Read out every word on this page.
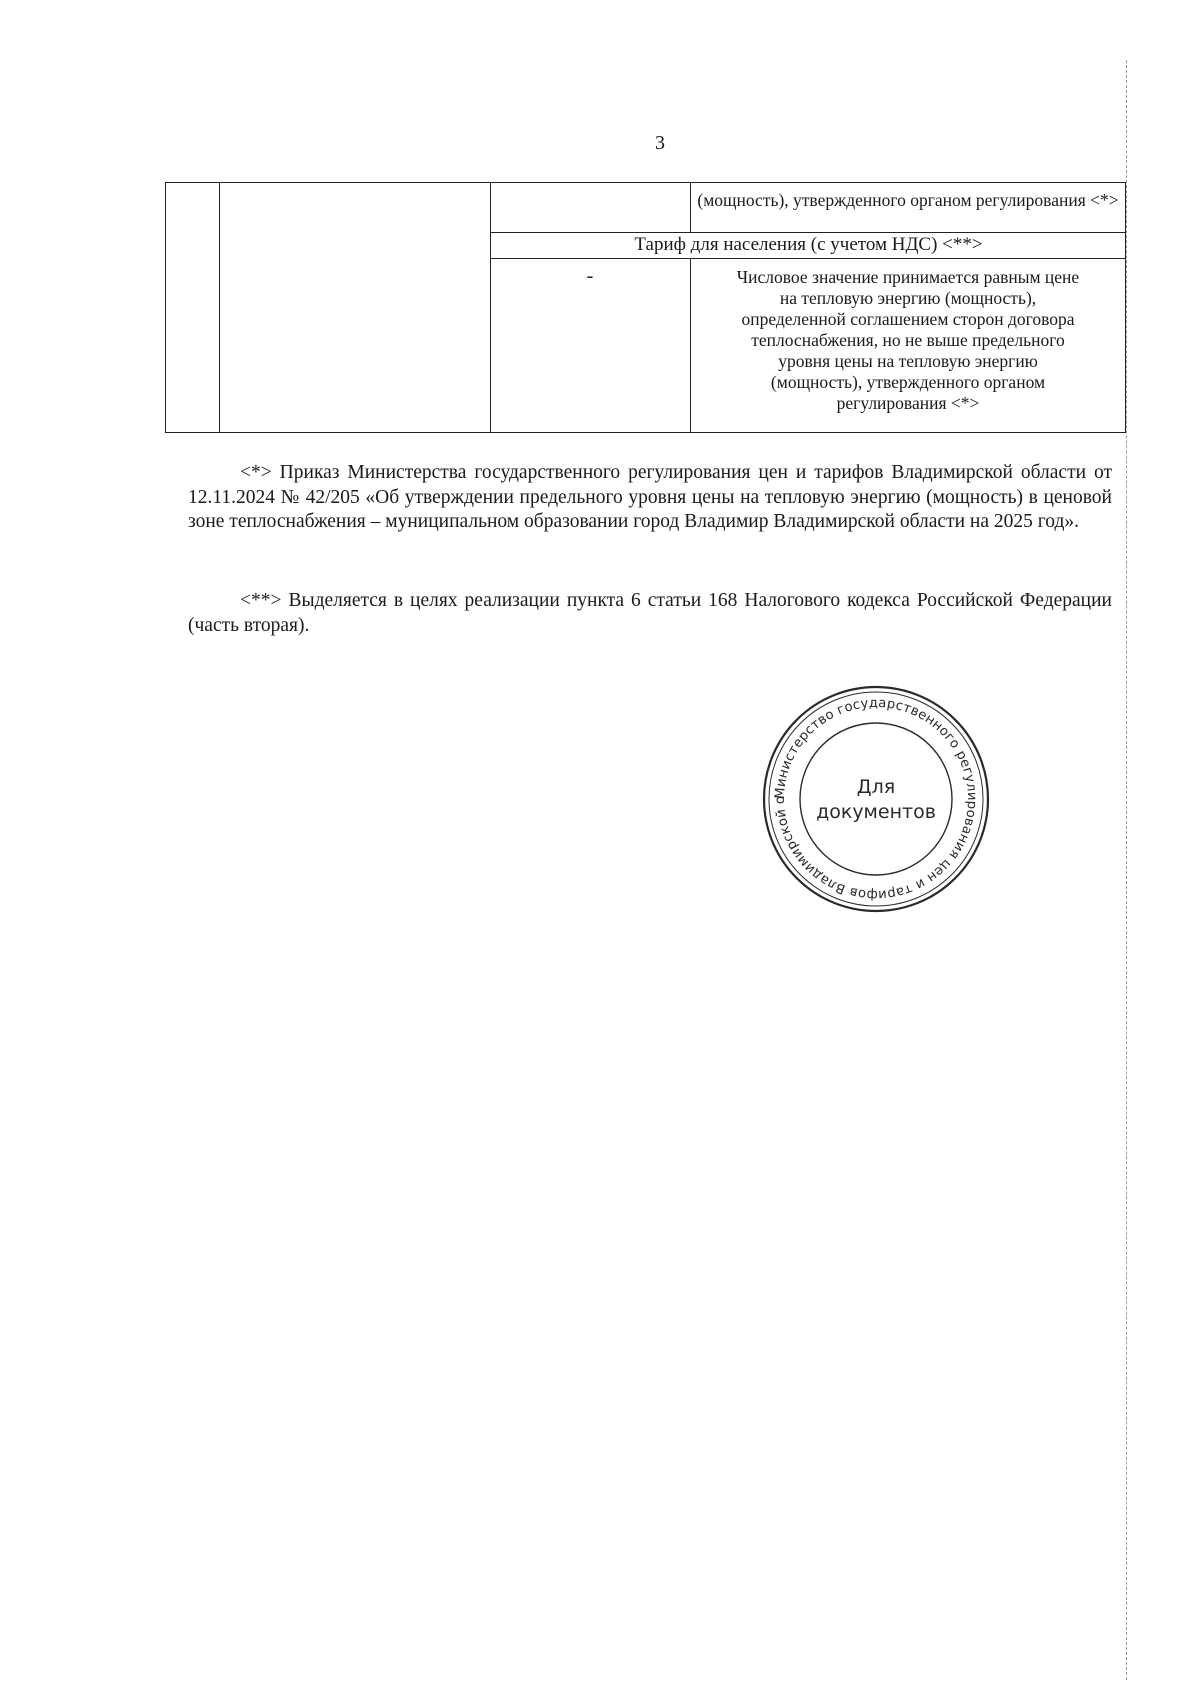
3
(мощность), утвержденного органом регулирования <*>
Тариф для населения (с учетом НДС) <**>
-	Числовое значение принимается равным цене
на тепловую энергию (мощность),
определенной соглашением сторон договора
теплоснабжения, но не выше предельного
уровня цены на тепловую энергию
(мощность), утвержденного органом
регулирования <*>
<*> Приказ Министерства государственного регулирования цен и тарифов Владимирской области от 12.11.2024 № 42/205 «Об утверждении предельного уровня цены на тепловую энергию (мощность) в ценовой зоне теплоснабжения – муниципальном образовании город Владимир Владимирской области на 2025 год».
<**> Выделяется в целях реализации пункта 6 статьи 168 Налогового кодекса Российской Федерации (часть вторая).
Министерство государственного регулирования цен и тарифов Владимирской о
Для
документов
